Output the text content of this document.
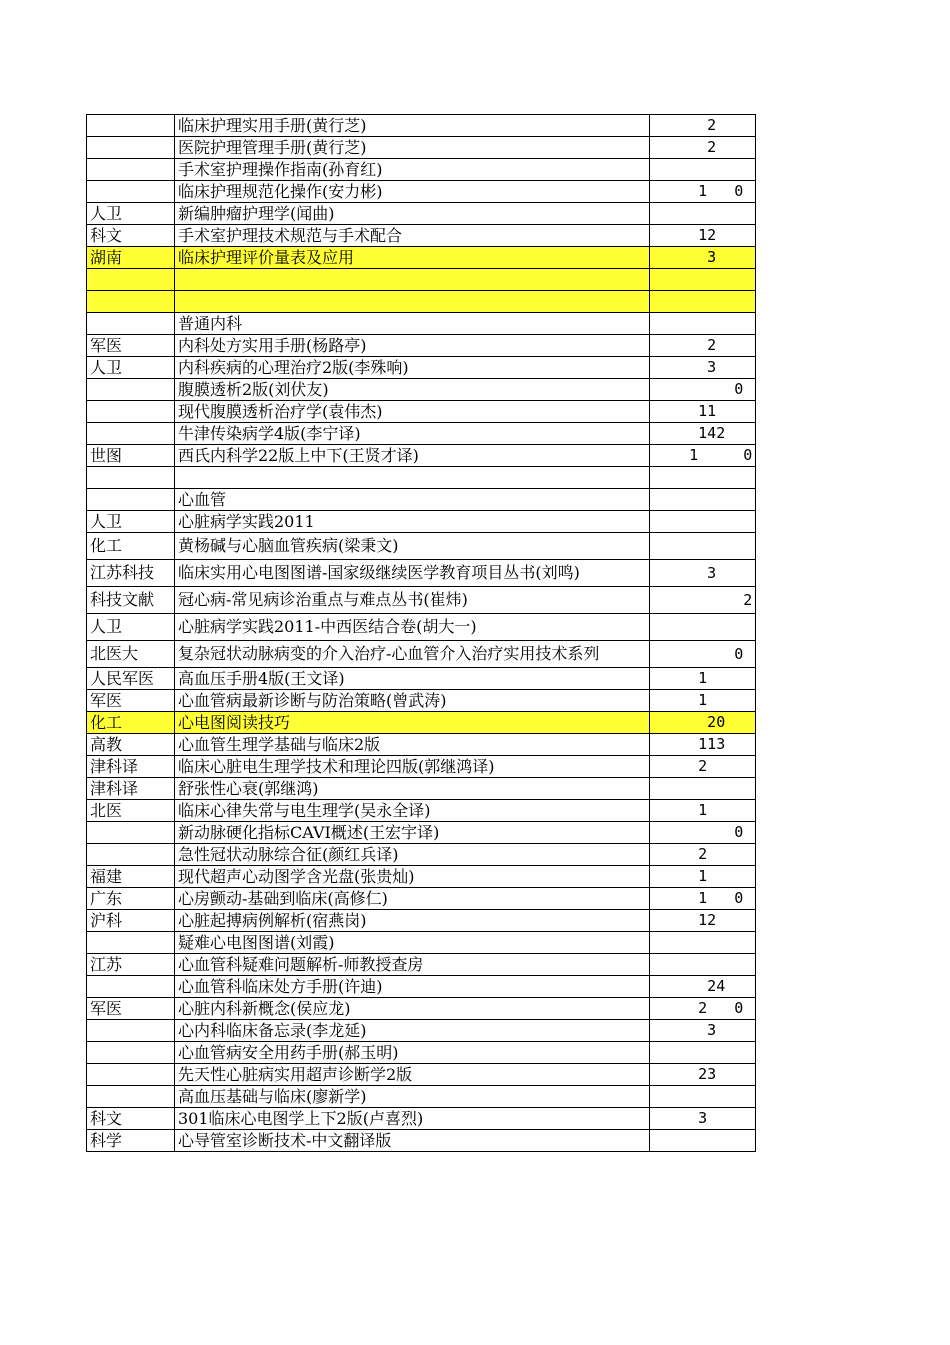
	临床护理实用手册(黄行芝)	2
	医院护理管理手册(黄行芝)	2
	手术室护理操作指南(孙育红)	
	临床护理规范化操作(安力彬)	1   0
人卫	新编肿瘤护理学(闻曲)	
科文	手术室护理技术规范与手术配合	12
湖南	临床护理评价量表及应用	3

	普通内科	
军医	内科处方实用手册(杨路亭)	2
人卫	内科疾病的心理治疗2版(李殊响)	3
	腹膜透析2版(刘伏友)	0
	现代腹膜透析治疗学(袁伟杰)	11
	牛津传染病学4版(李宁译)	142
世图	西氏内科学22版上中下(王贤才译)	1     0

	心血管	
人卫	心脏病学实践2011	
化工	黄杨碱与心脑血管疾病(梁秉文)	
江苏科技	临床实用心电图图谱-国家级继续医学教育项目丛书(刘鸣)	3
科技文献	冠心病-常见病诊治重点与难点丛书(崔炜)	2
人卫	心脏病学实践2011-中西医结合卷(胡大一)	
北医大	复杂冠状动脉病变的介入治疗-心血管介入治疗实用技术系列	0
人民军医	高血压手册4版(王文译)	1
军医	心血管病最新诊断与防治策略(曾武涛)	1
化工	心电图阅读技巧	20
高教	心血管生理学基础与临床2版	113
津科译	临床心脏电生理学技术和理论四版(郭继鸿译)	2
津科译	舒张性心衰(郭继鸿)	
北医	临床心律失常与电生理学(吴永全译)	1
	新动脉硬化指标CAVI概述(王宏宇译)	0
	急性冠状动脉综合征(颜红兵译)	2
福建	现代超声心动图学含光盘(张贵灿)	1
广东	心房颤动-基础到临床(高修仁)	1   0
沪科	心脏起搏病例解析(宿燕岗)	12
	疑难心电图图谱(刘霞)	
江苏	心血管科疑难问题解析-师教授查房	
	心血管科临床处方手册(许迪)	24
军医	心脏内科新概念(侯应龙)	2   0
	心内科临床备忘录(李龙延)	3
	心血管病安全用药手册(郝玉明)	
	先天性心脏病实用超声诊断学2版	23
	高血压基础与临床(廖新学)	
科文	301临床心电图学上下2版(卢喜烈)	3
科学	心导管室诊断技术-中文翻译版	
